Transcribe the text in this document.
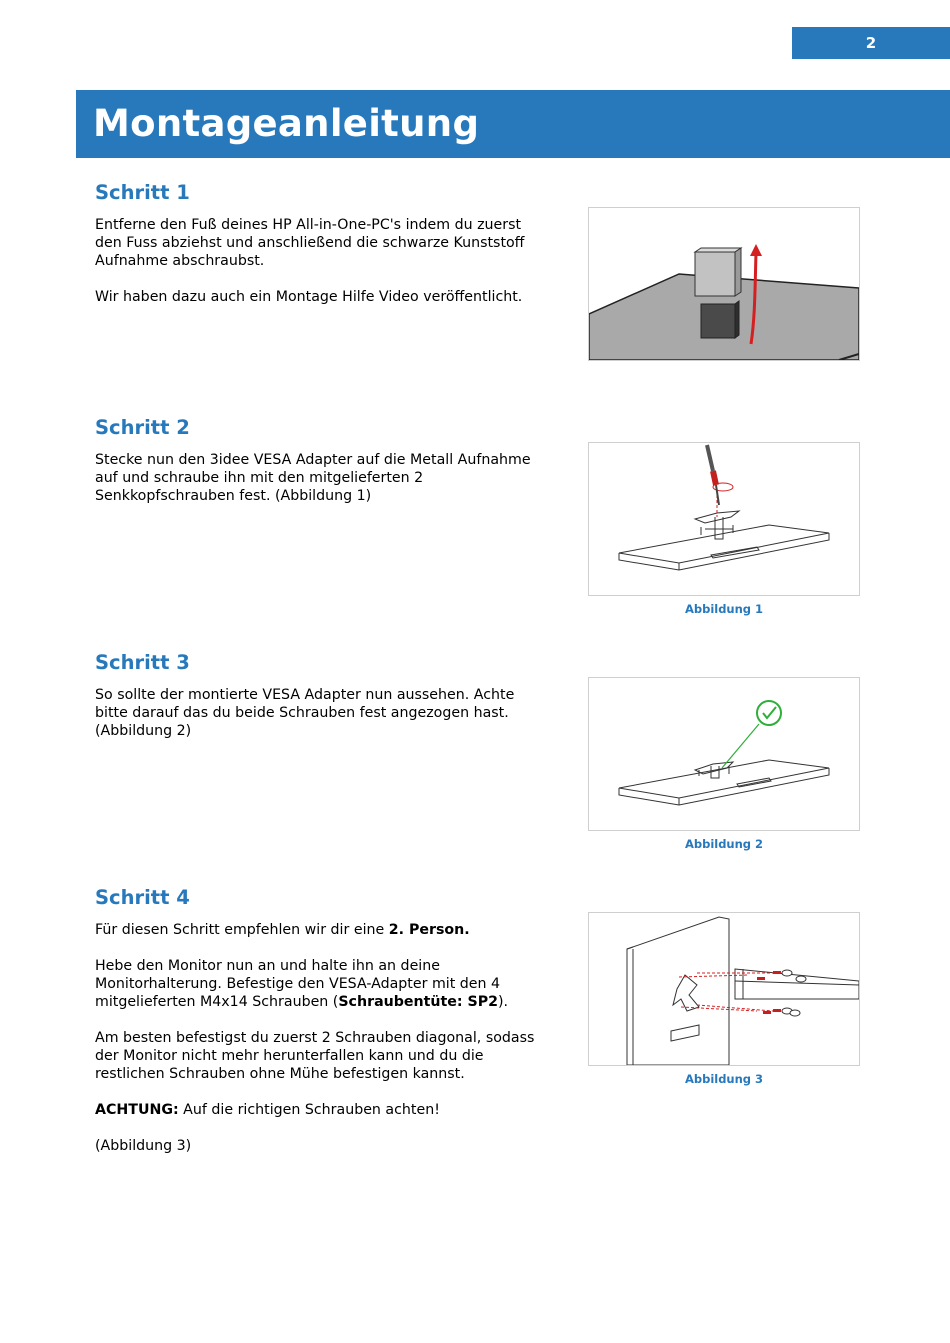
2
Montageanleitung
Schritt 1

Entferne den Fuß deines HP All-in-One-PC's indem du zuerst den Fuss abziehst und anschließend die schwarze Kunststoff Aufnahme abschraubst.

Wir haben dazu auch ein Montage Hilfe Video veröffentlicht.

Schritt 2

Stecke nun den 3idee VESA Adapter auf die Metall Aufnahme auf und schraube ihn mit den mitgelieferten 2 Senkkopfschrauben fest. (Abbildung 1)

Abbildung 1
Schritt 3

So sollte der montierte VESA Adapter nun aussehen. Achte bitte darauf das du beide Schrauben fest angezogen hast. (Abbildung 2)

Abbildung 2
Schritt 4

Für diesen Schritt empfehlen wir dir eine 2. Person.

Hebe den Monitor nun an und halte ihn an deine Monitorhalterung. Befestige den VESA-Adapter mit den 4 mitgelieferten M4x14 Schrauben (Schraubentüte: SP2).

Am besten befestigst du zuerst 2 Schrauben diagonal, sodass der Monitor nicht mehr herunterfallen kann und du die restlichen Schrauben ohne Mühe befestigen kannst.

ACHTUNG: Auf die richtigen Schrauben achten!

(Abbildung 3)

Abbildung 3
